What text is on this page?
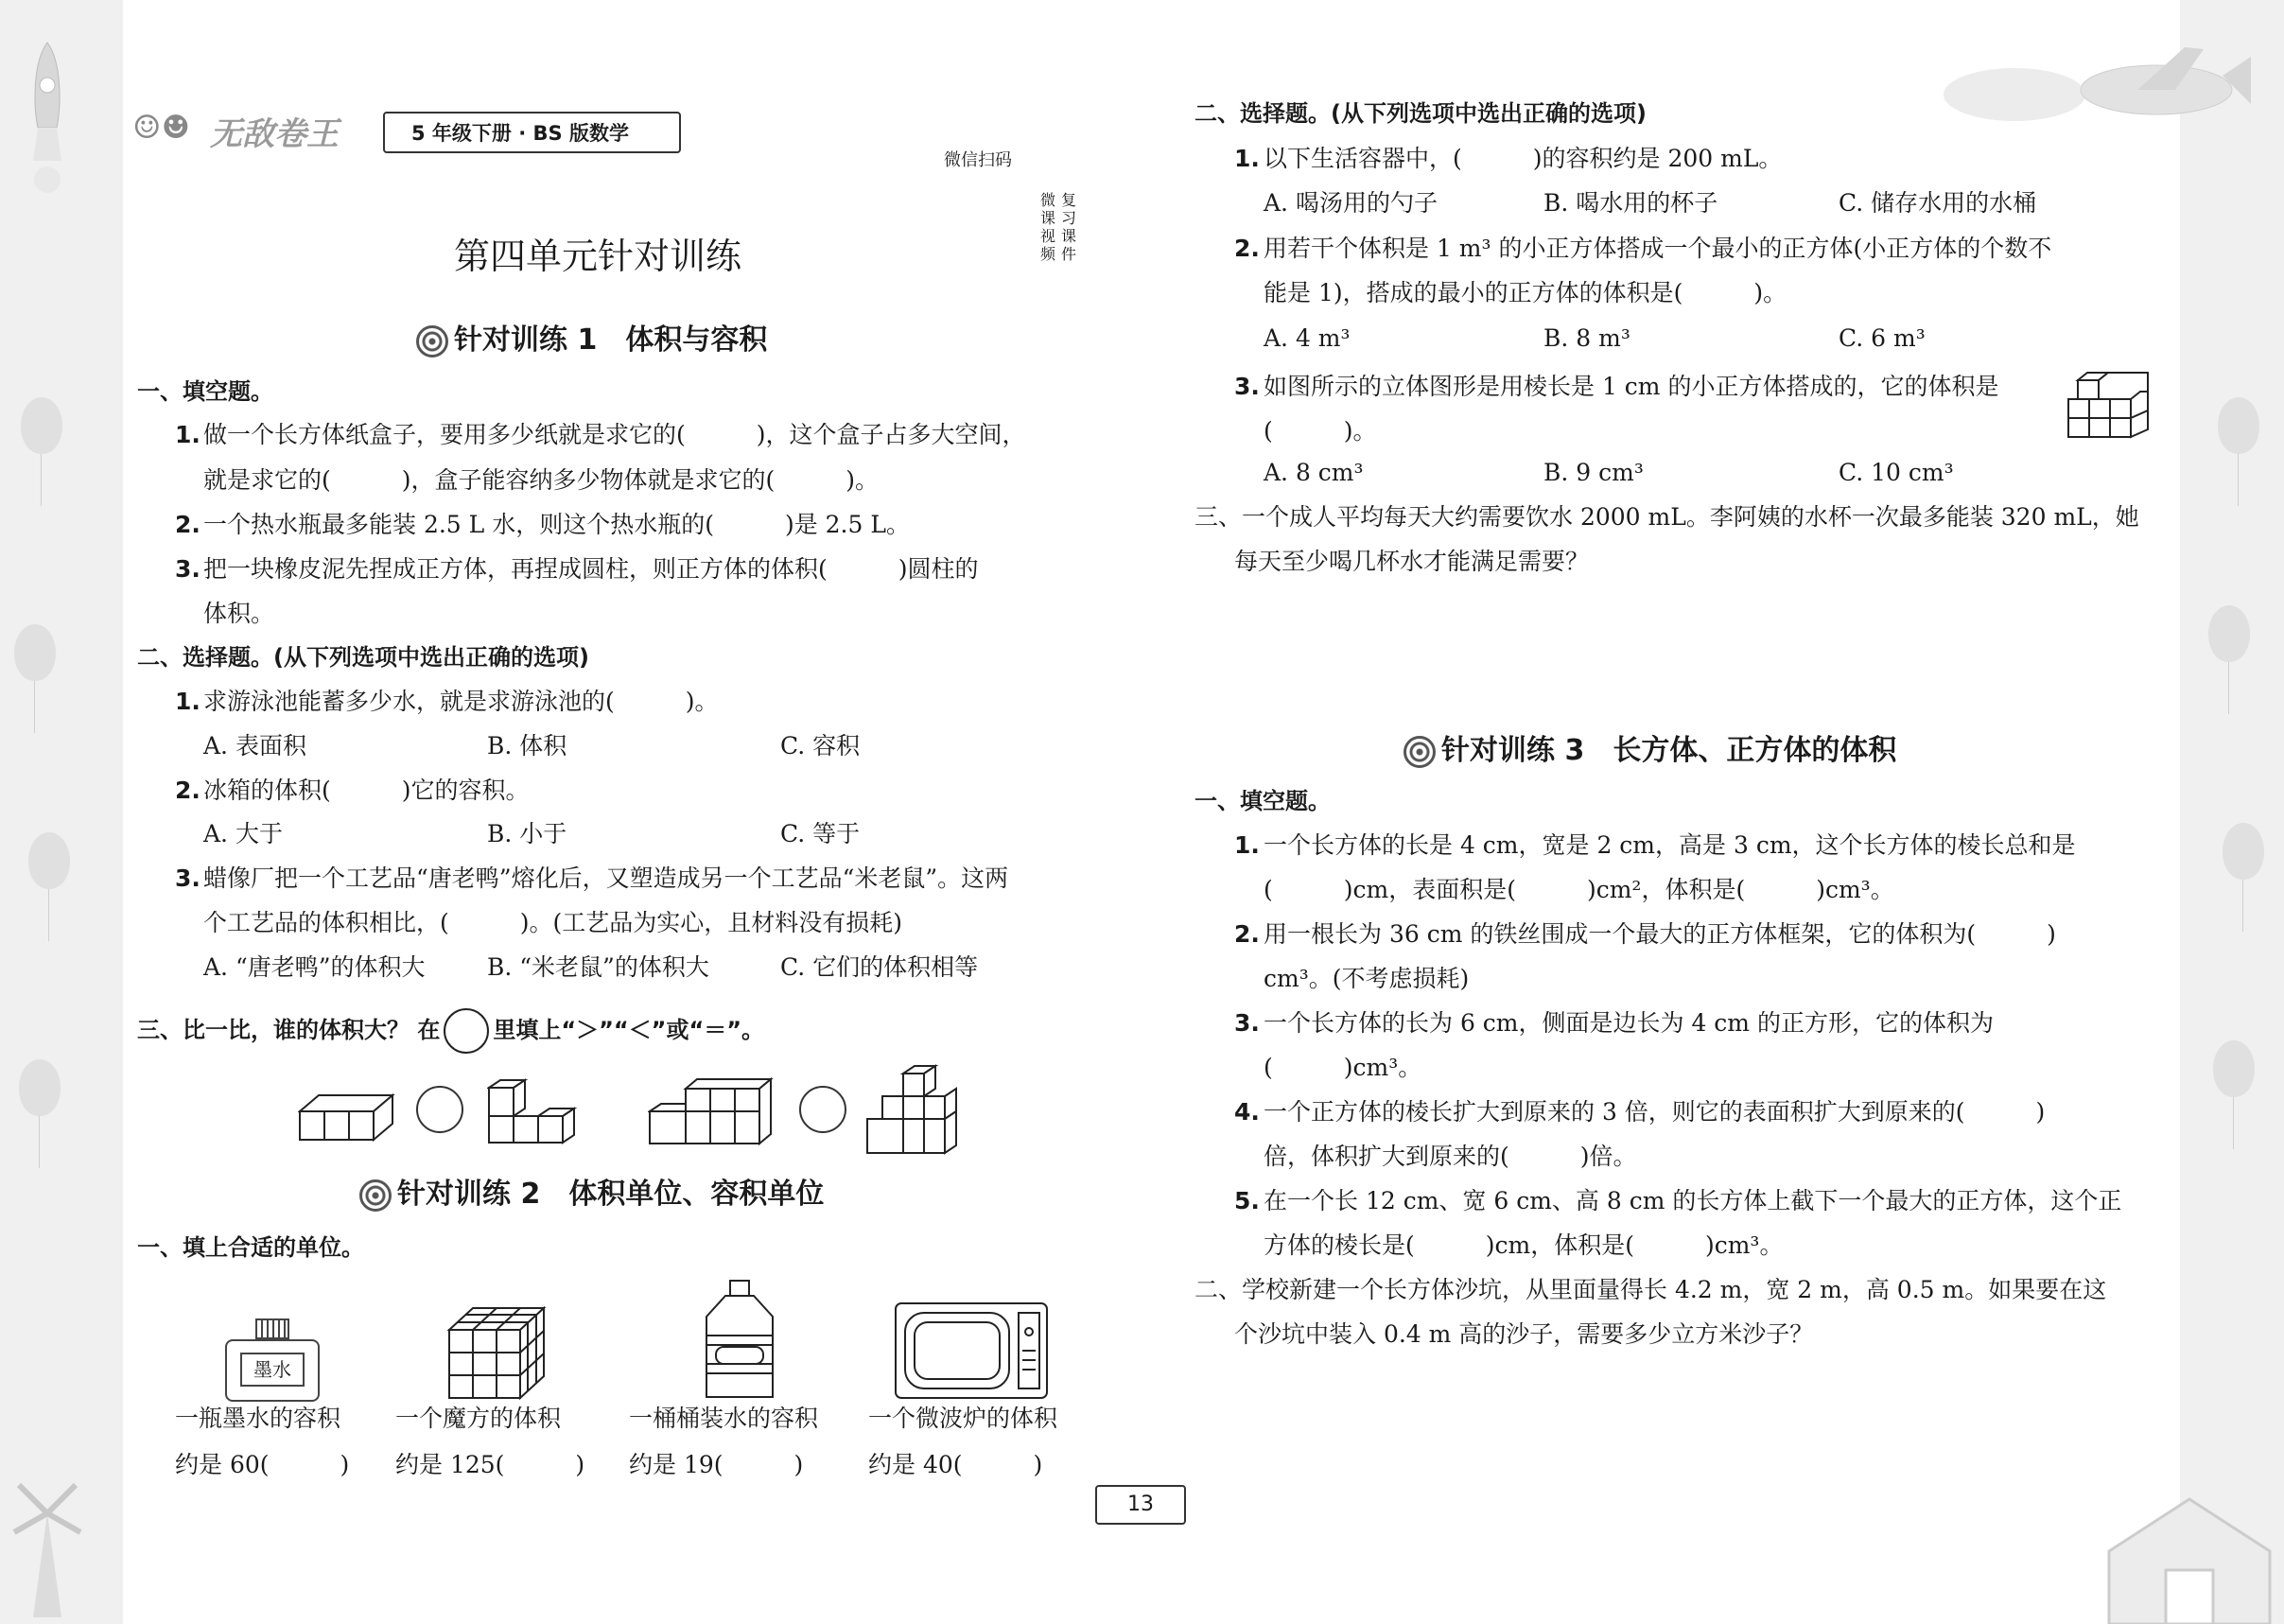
☺☻ 无敌卷王	5 年级下册 · BS 版数学
微信扫码
微课视频
复习课件
第四单元针对训练
针对训练 1　体积与容积
一、填空题。
1. 做一个长方体纸盒子，要用多少纸就是求它的(　　　)，这个盒子占多大空间，
就是求它的(　　　)，盒子能容纳多少物体就是求它的(　　　)。
2. 一个热水瓶最多能装 2.5 L 水，则这个热水瓶的(　　　)是 2.5 L。
3. 把一块橡皮泥先捏成正方体，再捏成圆柱，则正方体的体积(　　　)圆柱的
体积。
二、选择题。(从下列选项中选出正确的选项)
1. 求游泳池能蓄多少水，就是求游泳池的(　　　)。
A. 表面积	B. 体积	C. 容积
2. 冰箱的体积(　　　)它的容积。
A. 大于	B. 小于	C. 等于
3. 蜡像厂把一个工艺品“唐老鸭”熔化后，又塑造成另一个工艺品“米老鼠”。这两
个工艺品的体积相比，(　　　)。(工艺品为实心，且材料没有损耗)
A. “唐老鸭”的体积大	B. “米老鼠”的体积大	C. 它们的体积相等
三、比一比，谁的体积大？ 在 里填上“＞”“＜”或“＝”。
针对训练 2　体积单位、容积单位
一、填上合适的单位。
墨水
一瓶墨水的容积
约是 60(　　　)
一个魔方的体积
约是 125(　　　)
一桶桶装水的容积
约是 19(　　　)
一个微波炉的体积
约是 40(　　　)
13
二、选择题。(从下列选项中选出正确的选项)
1. 以下生活容器中，(　　　)的容积约是 200 mL。
A. 喝汤用的勺子	B. 喝水用的杯子	C. 储存水用的水桶
2. 用若干个体积是 1 m³ 的小正方体搭成一个最小的正方体(小正方体的个数不
能是 1)，搭成的最小的正方体的体积是(　　　)。
A. 4 m³	B. 8 m³	C. 6 m³
3. 如图所示的立体图形是用棱长是 1 cm 的小正方体搭成的，它的体积是
(　　　)。
A. 8 cm³	B. 9 cm³	C. 10 cm³
三、一个成人平均每天大约需要饮水 2000 mL。李阿姨的水杯一次最多能装 320 mL，她
每天至少喝几杯水才能满足需要？
针对训练 3　长方体、正方体的体积
一、填空题。
1. 一个长方体的长是 4 cm，宽是 2 cm，高是 3 cm，这个长方体的棱长总和是
(　　　)cm，表面积是(　　　)cm²，体积是(　　　)cm³。
2. 用一根长为 36 cm 的铁丝围成一个最大的正方体框架，它的体积为(　　　)
cm³。(不考虑损耗)
3. 一个长方体的长为 6 cm，侧面是边长为 4 cm 的正方形，它的体积为
(　　　)cm³。
4. 一个正方体的棱长扩大到原来的 3 倍，则它的表面积扩大到原来的(　　　)
倍，体积扩大到原来的(　　　)倍。
5. 在一个长 12 cm、宽 6 cm、高 8 cm 的长方体上截下一个最大的正方体，这个正
方体的棱长是(　　　)cm，体积是(　　　)cm³。
二、学校新建一个长方体沙坑，从里面量得长 4.2 m，宽 2 m，高 0.5 m。如果要在这
个沙坑中装入 0.4 m 高的沙子，需要多少立方米沙子？
